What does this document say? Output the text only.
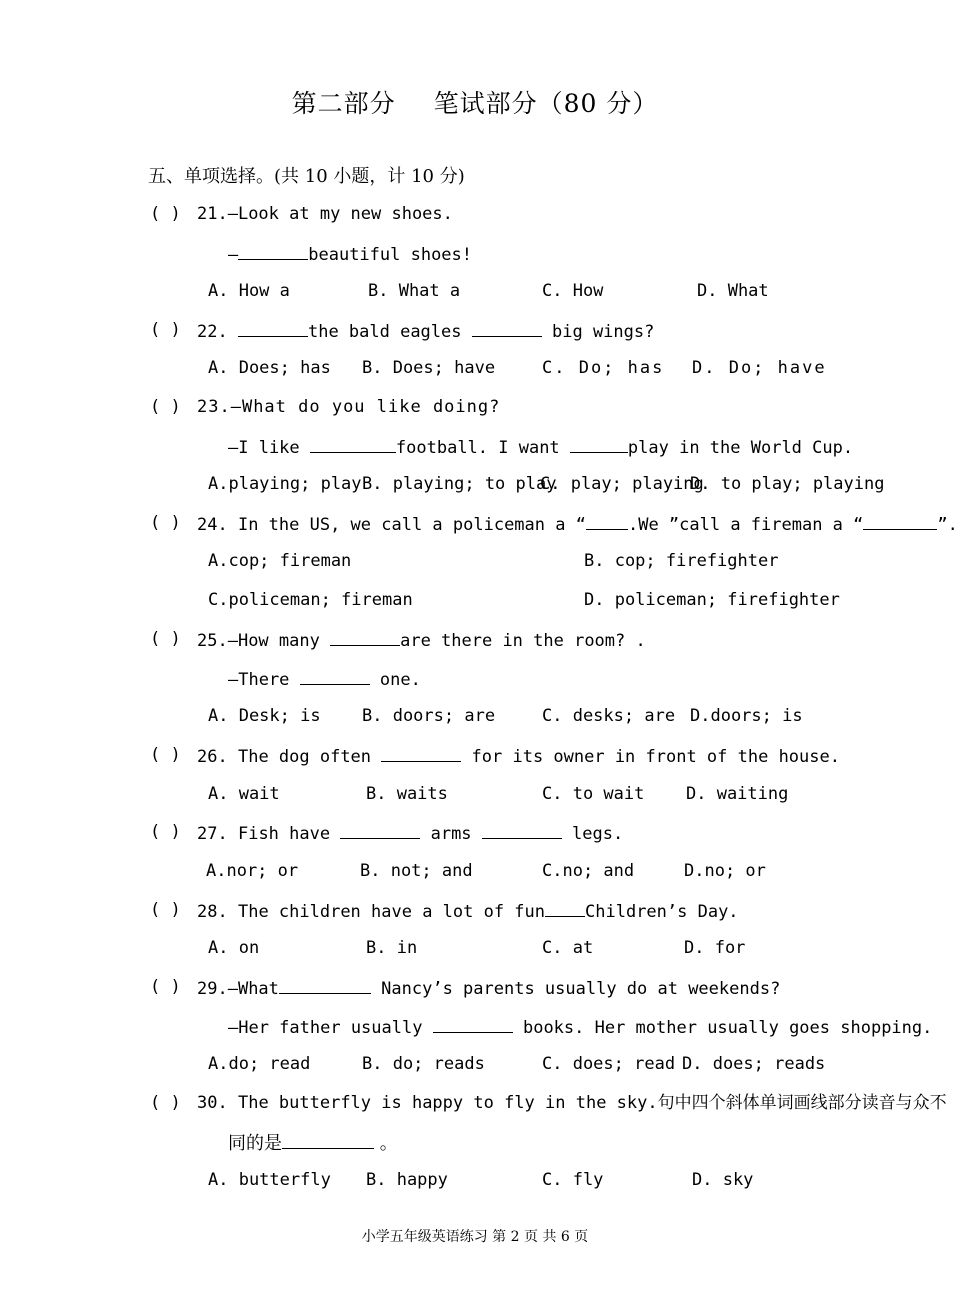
第二部分 笔试部分（80 分）
五、单项选择。(共 10 小题，计 10 分)
( ) 21.—Look at my new shoes.
—	beautiful shoes!
A. How a	B. What a	C. How	D. What
( ) 22.	the bald eagles	big wings?
A. Does; has B. Does; have	C. Do; has D. Do; have
( ) 23.—What do you like doing?
—I like	football. I want	play in the World Cup.
A.playing; play B. playing; to play
C. play; playing
D. to play; playing
( ) 24. In the US, we call a policeman a “ .We ”call a fireman a “	”.
A.cop; fireman	B. cop; firefighter
C.policeman; fireman	D. policeman; firefighter
( ) 25.—How many	are there in the room? .
—There	one.
A. Desk; is B. doors; are	C. desks; are D.doors; is
( ) 26. The dog often	for its owner in front of the house.
A. wait	B. waits	C. to wait D. waiting
( ) 27. Fish have	arms	legs.
A.nor; or	B. not; and	C.no; and	D.no; or
( ) 28. The children have a lot of fun Children’s Day.
A. on	B. in	C. at	D. for
( ) 29.—What	Nancy’s parents usually do at weekends?
—Her father usually	books. Her mother usually goes shopping.
A.do; read	B. do; reads	C. does; read D. does; reads
( ) 30. The butterfly is happy to fly in the sky.句中四个斜体单词画线部分读音与众不
同的是	。
A. butterfly B. happy	C. fly	D. sky
小学五年级英语练习 第 2 页 共 6 页
